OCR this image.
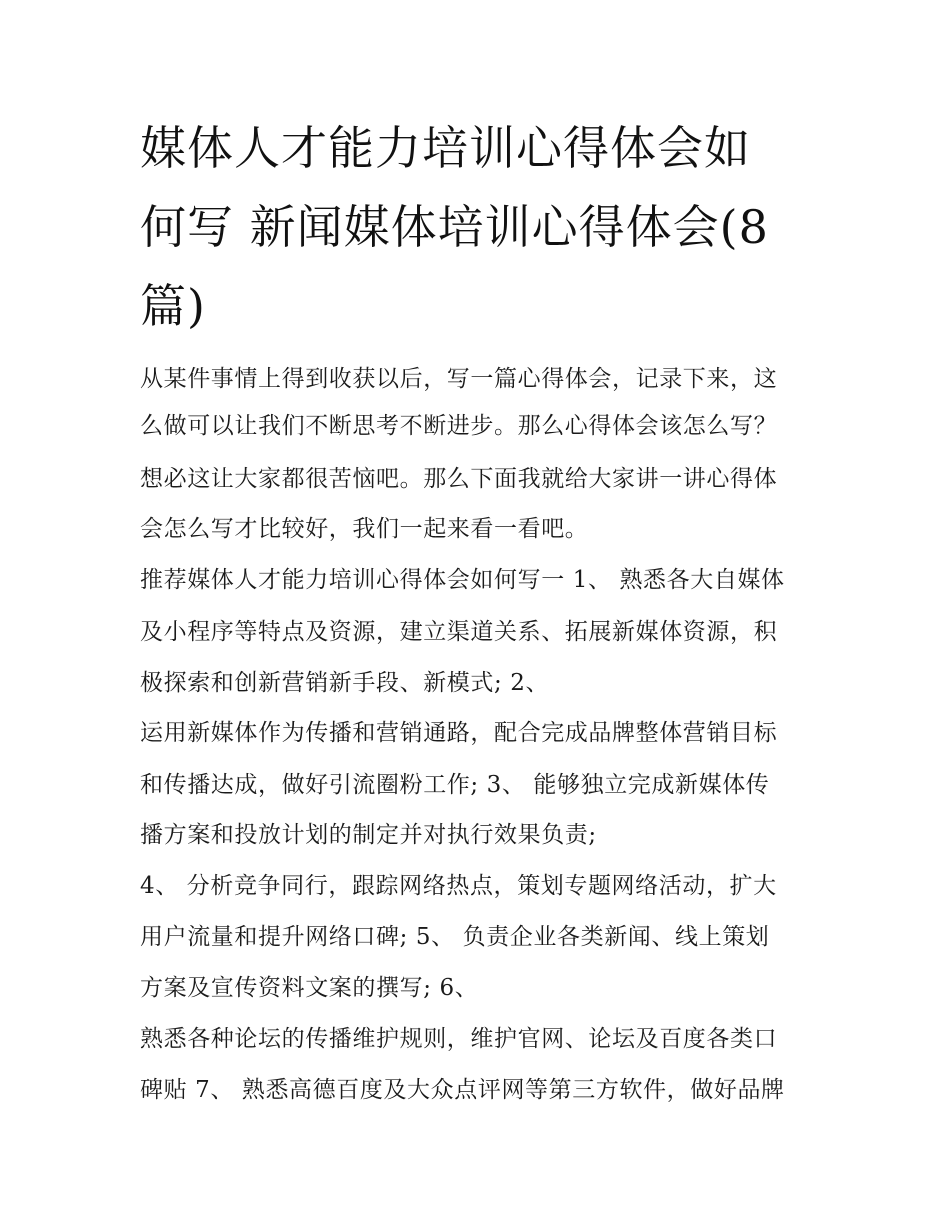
媒体人才能力培训心得体会如
何写 新闻媒体培训心得体会(8
篇)
从某件事情上得到收获以后，写一篇心得体会，记录下来，这
么做可以让我们不断思考不断进步。那么心得体会该怎么写？
想必这让大家都很苦恼吧。那么下面我就给大家讲一讲心得体
会怎么写才比较好，我们一起来看一看吧。
推荐媒体人才能力培训心得体会如何写一 1、 熟悉各大自媒体
及小程序等特点及资源，建立渠道关系、拓展新媒体资源，积
极探索和创新营销新手段、新模式; 2、
运用新媒体作为传播和营销通路，配合完成品牌整体营销目标
和传播达成，做好引流圈粉工作; 3、 能够独立完成新媒体传
播方案和投放计划的制定并对执行效果负责;
4、 分析竞争同行，跟踪网络热点，策划专题网络活动，扩大
用户流量和提升网络口碑; 5、 负责企业各类新闻、线上策划
方案及宣传资料文案的撰写; 6、
熟悉各种论坛的传播维护规则，维护官网、论坛及百度各类口
碑贴 7、 熟悉高德百度及大众点评网等第三方软件，做好品牌
